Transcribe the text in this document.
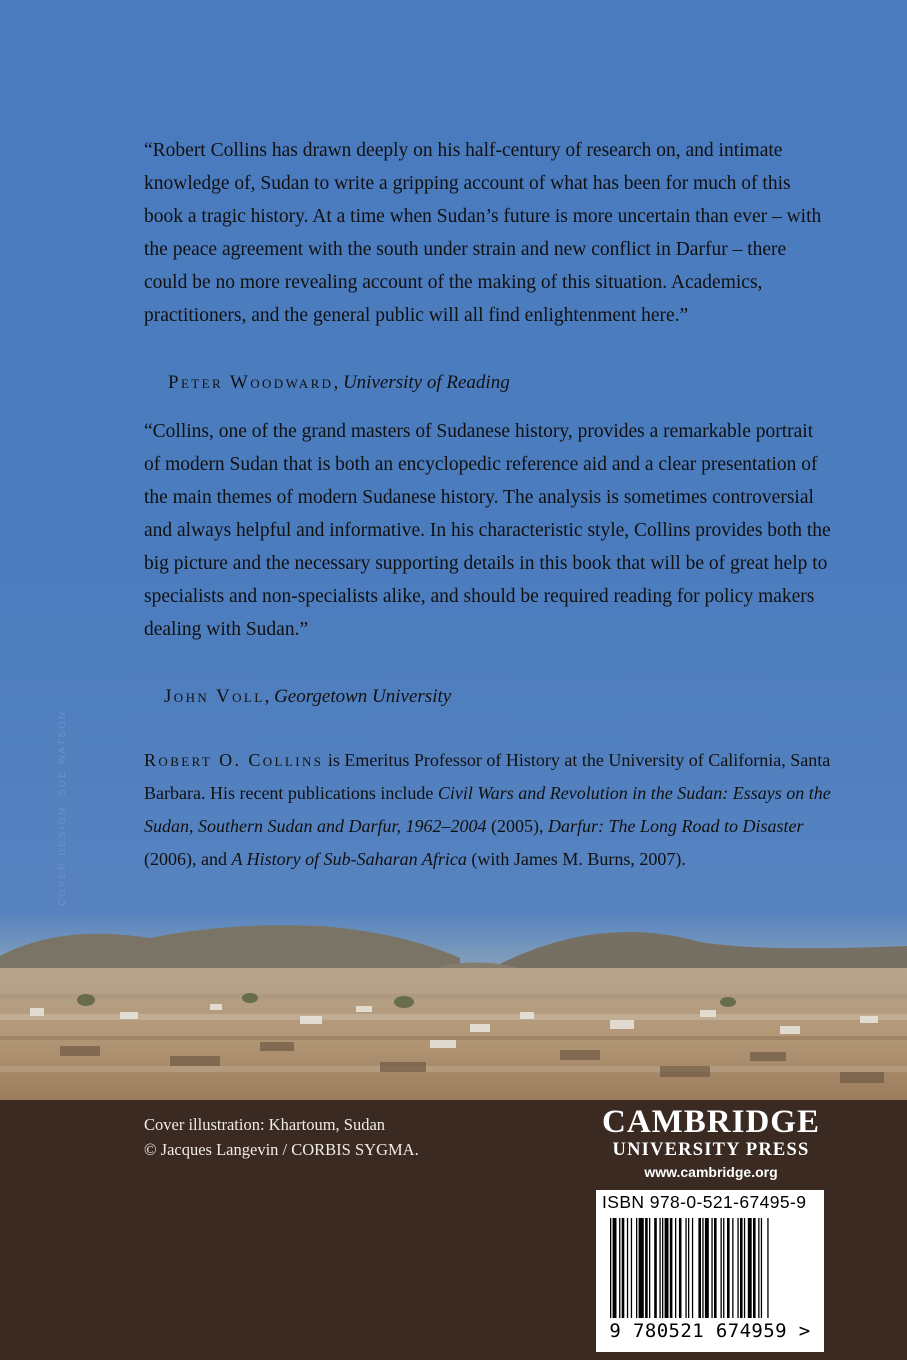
COVER DESIGN: SUE WATSON

“Robert Collins has drawn deeply on his half-century of research on, and intimate knowledge of, Sudan to write a gripping account of what has been for much of this book a tragic history. At a time when Sudan’s future is more uncertain than ever – with the peace agreement with the south under strain and new conflict in Darfur – there could be no more revealing account of the making of this situation. Academics, practitioners, and the general public will all find enlightenment here.”

Peter Woodward, University of Reading

“Collins, one of the grand masters of Sudanese history, provides a remarkable portrait of modern Sudan that is both an encyclopedic reference aid and a clear presentation of the main themes of modern Sudanese history. The analysis is sometimes controversial and always helpful and informative. In his characteristic style, Collins provides both the big picture and the necessary supporting details in this book that will be of great help to specialists and non-specialists alike, and should be required reading for policy makers dealing with Sudan.”

John Voll, Georgetown University

Robert O. Collins is Emeritus Professor of History at the University of California, Santa Barbara. His recent publications include Civil Wars and Revolution in the Sudan: Essays on the Sudan, Southern Sudan and Darfur, 1962–2004 (2005), Darfur: The Long Road to Disaster (2006), and A History of Sub-Saharan Africa (with James M. Burns, 2007).

Cover illustration: Khartoum, Sudan
© Jacques Langevin / CORBIS SYGMA.
CAMBRIDGE
UNIVERSITY PRESS
www.cambridge.org
ISBN 978-0-521-67495-9
9 780521 674959 >
